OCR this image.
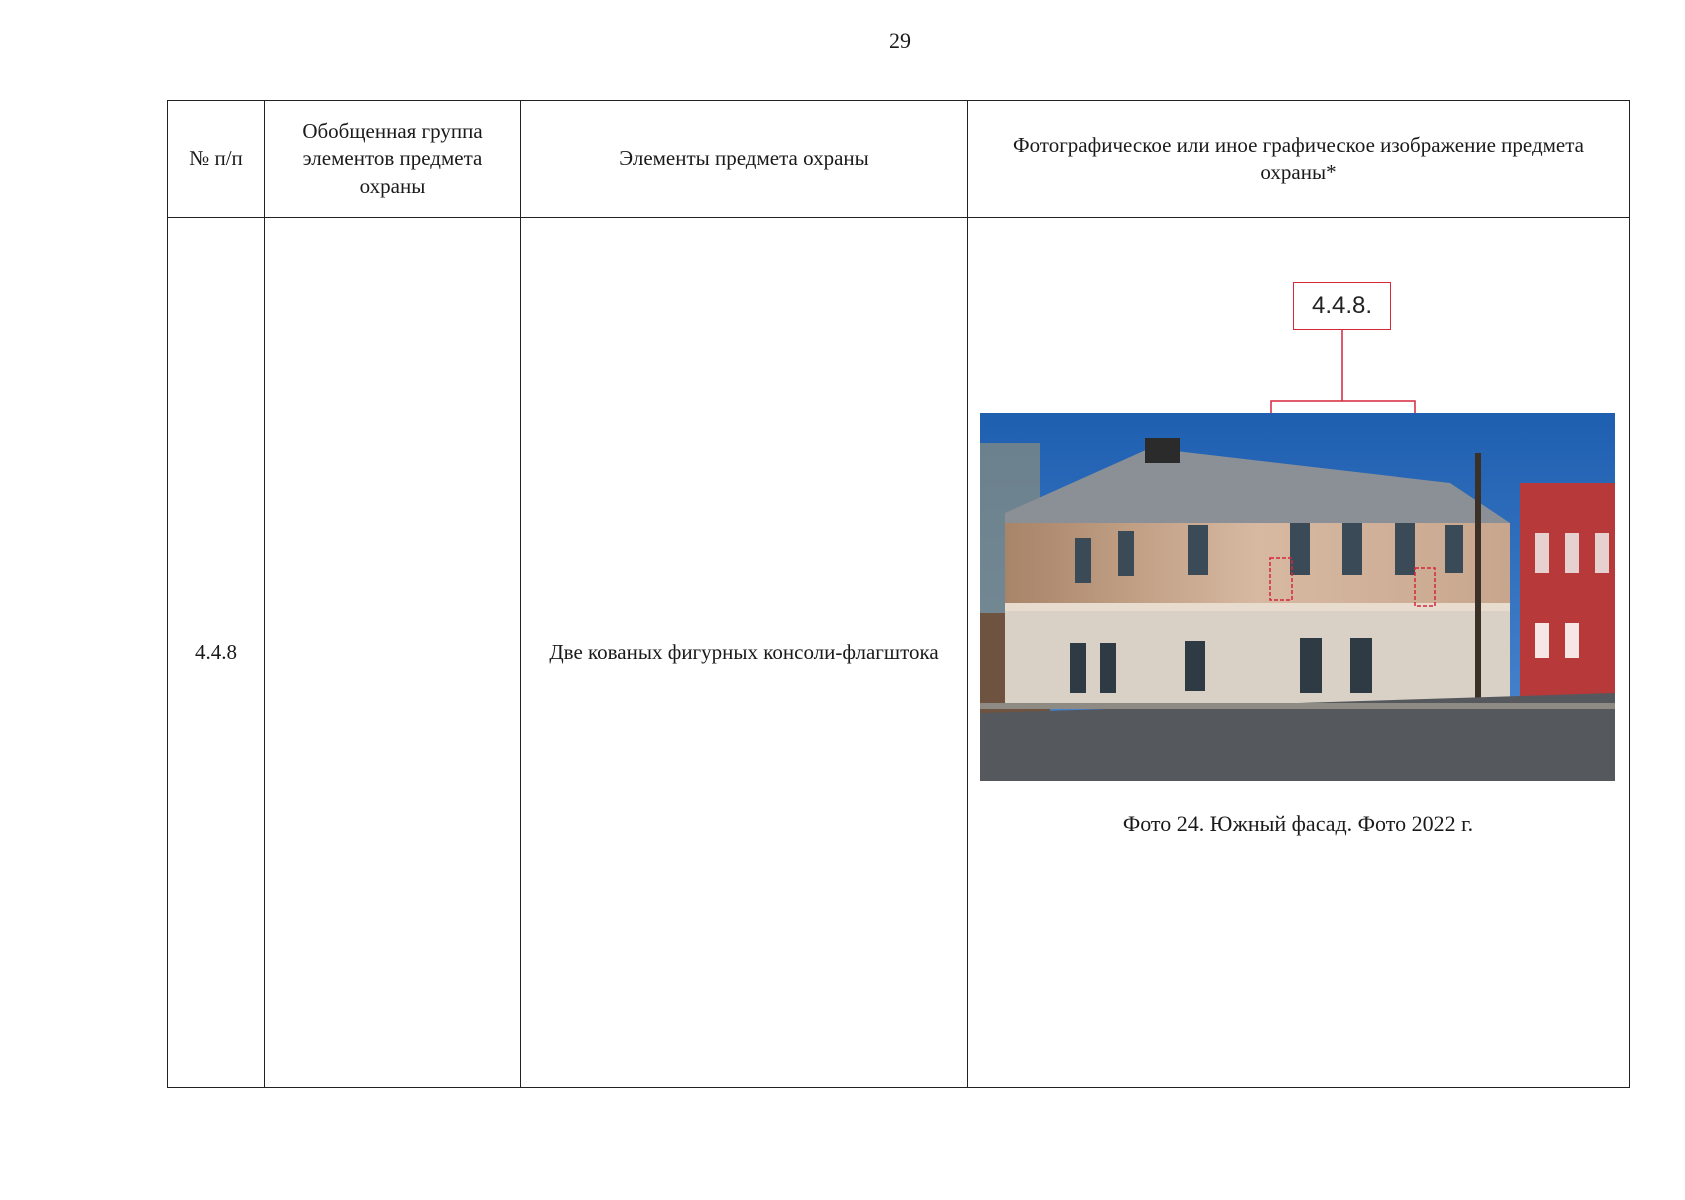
29
№ п/п	Обобщенная группа элементов предмета охраны	Элементы предмета охраны	Фотографическое или иное графическое изображение предмета охраны*
4.4.8		Две кованых фигурных консоли-флагштока	4.4.8.
Фото 24. Южный фасад. Фото 2022 г.
